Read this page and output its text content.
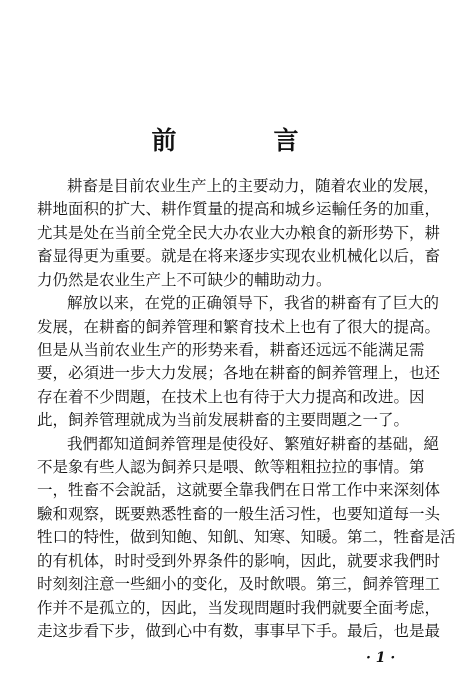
前　言
耕畜是目前农业生产上的主要动力，随着农业的发展，
耕地面积的扩大、耕作質量的提高和城乡运輸任务的加重，
尤其是处在当前全党全民大办农业大办粮食的新形势下，耕
畜显得更为重要。就是在将来逐步实现农业机械化以后，畜
力仍然是农业生产上不可缺少的輔助动力。
解放以来，在党的正确領导下，我省的耕畜有了巨大的
发展，在耕畜的飼养管理和繁育技术上也有了很大的提高。
但是从当前农业生产的形势来看，耕畜还远远不能满足需
要，必須进一步大力发展；各地在耕畜的飼养管理上，也还
存在着不少問題，在技术上也有待于大力提高和改进。因
此，飼养管理就成为当前发展耕畜的主要問題之一了。
我們都知道飼养管理是使役好、繁殖好耕畜的基础，絕
不是象有些人認为飼养只是喂、飲等粗粗拉拉的事情。第
一，牲畜不会說話，这就要全靠我們在日常工作中来深刻体
驗和观察，既要熟悉牲畜的一般生活习性，也要知道每一头
牲口的特性，做到知飽、知飢、知寒、知暖。第二，牲畜是活
的有机体，时时受到外界条件的影响，因此，就要求我們时
时刻刻注意一些細小的变化，及时飲喂。第三，飼养管理工
作并不是孤立的，因此，当发现問題时我們就要全面考虑，
走这步看下步，做到心中有数，事事早下手。最后，也是最
· 1 ·
